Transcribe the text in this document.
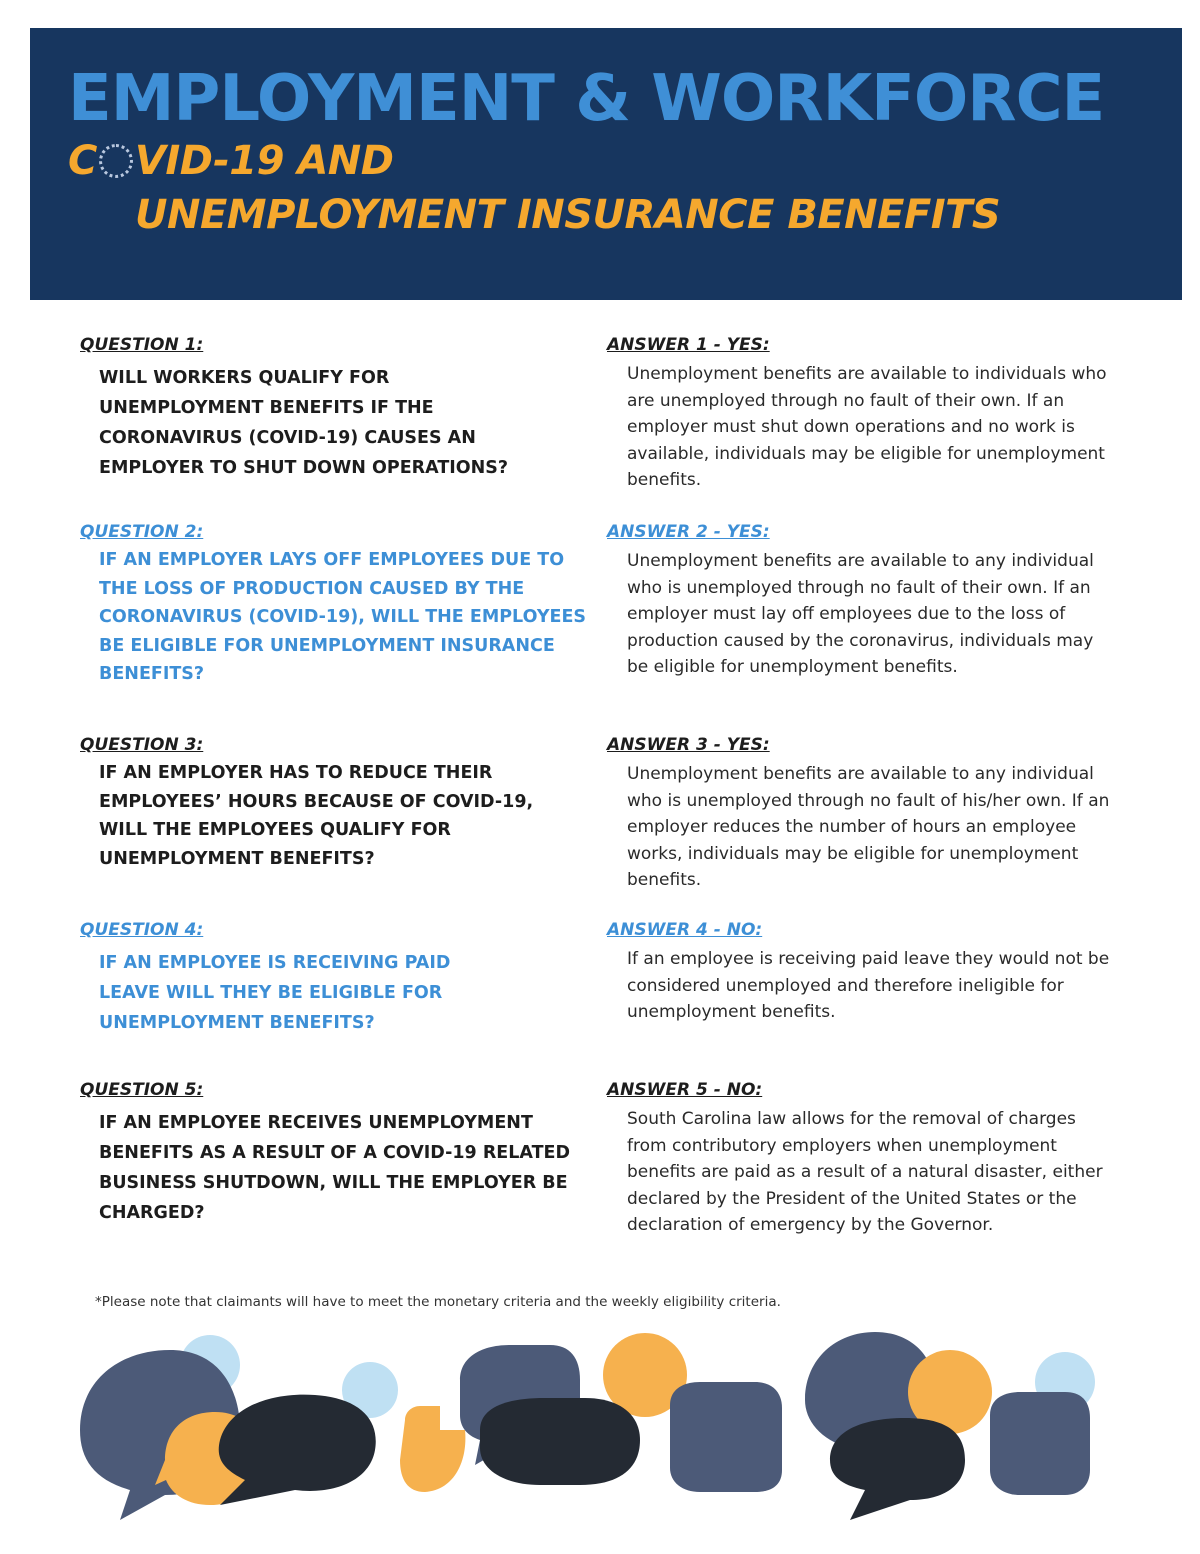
EMPLOYMENT & WORKFORCE
C VID-19 AND
UNEMPLOYMENT INSURANCE BENEFITS
QUESTION 1:
WILL WORKERS QUALIFY FOR UNEMPLOYMENT BENEFITS IF THE CORONAVIRUS (COVID-19) CAUSES AN EMPLOYER TO SHUT DOWN OPERATIONS?
ANSWER 1 - YES:
Unemployment benefits are available to individuals who are unemployed through no fault of their own. If an employer must shut down operations and no work is available, individuals may be eligible for unemployment benefits.
QUESTION 2:
IF AN EMPLOYER LAYS OFF EMPLOYEES DUE TO THE LOSS OF PRODUCTION CAUSED BY THE CORONAVIRUS (COVID-19), WILL THE EMPLOYEES BE ELIGIBLE FOR UNEMPLOYMENT INSURANCE BENEFITS?
ANSWER 2 - YES:
Unemployment benefits are available to any individual who is unemployed through no fault of their own. If an employer must lay off employees due to the loss of production caused by the coronavirus, individuals may be eligible for unemployment benefits.
QUESTION 3:
IF AN EMPLOYER HAS TO REDUCE THEIR EMPLOYEES’ HOURS BECAUSE OF COVID-19, WILL THE EMPLOYEES QUALIFY FOR UNEMPLOYMENT BENEFITS?
ANSWER 3 - YES:
Unemployment benefits are available to any individual who is unemployed through no fault of his/her own. If an employer reduces the number of hours an employee works, individuals may be eligible for unemployment benefits.
QUESTION 4:
IF AN EMPLOYEE IS RECEIVING PAID LEAVE WILL THEY BE ELIGIBLE FOR UNEMPLOYMENT BENEFITS?
ANSWER 4 - NO:
If an employee is receiving paid leave they would not be considered unemployed and therefore ineligible for unemployment benefits.
QUESTION 5:
IF AN EMPLOYEE RECEIVES UNEMPLOYMENT BENEFITS AS A RESULT OF A COVID-19 RELATED BUSINESS SHUTDOWN, WILL THE EMPLOYER BE CHARGED?
ANSWER 5 - NO:
South Carolina law allows for the removal of charges from contributory employers when unemployment benefits are paid as a result of a natural disaster, either declared by the President of the United States or the declaration of emergency by the Governor.
*Please note that claimants will have to meet the monetary criteria and the weekly eligibility criteria.
